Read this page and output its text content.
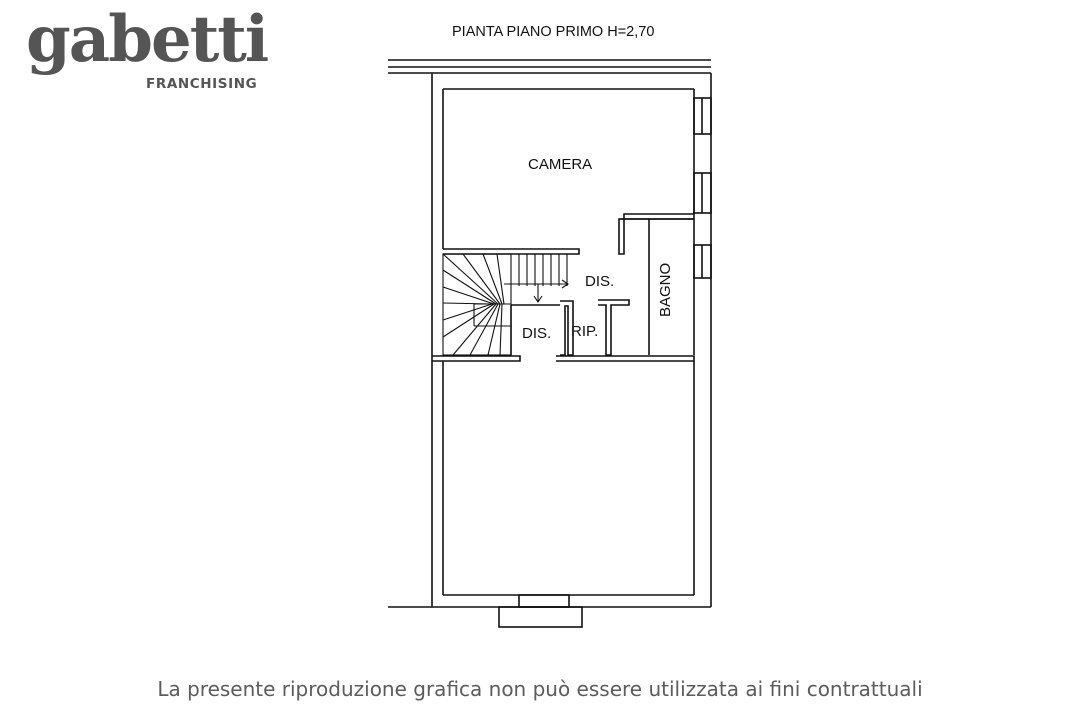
gabetti
FRANCHISING
PIANTA PIANO PRIMO H=2,70
CAMERA
DIS.
DIS. RIP.
BAGNO
La presente riproduzione grafica non può essere utilizzata ai fini contrattuali
